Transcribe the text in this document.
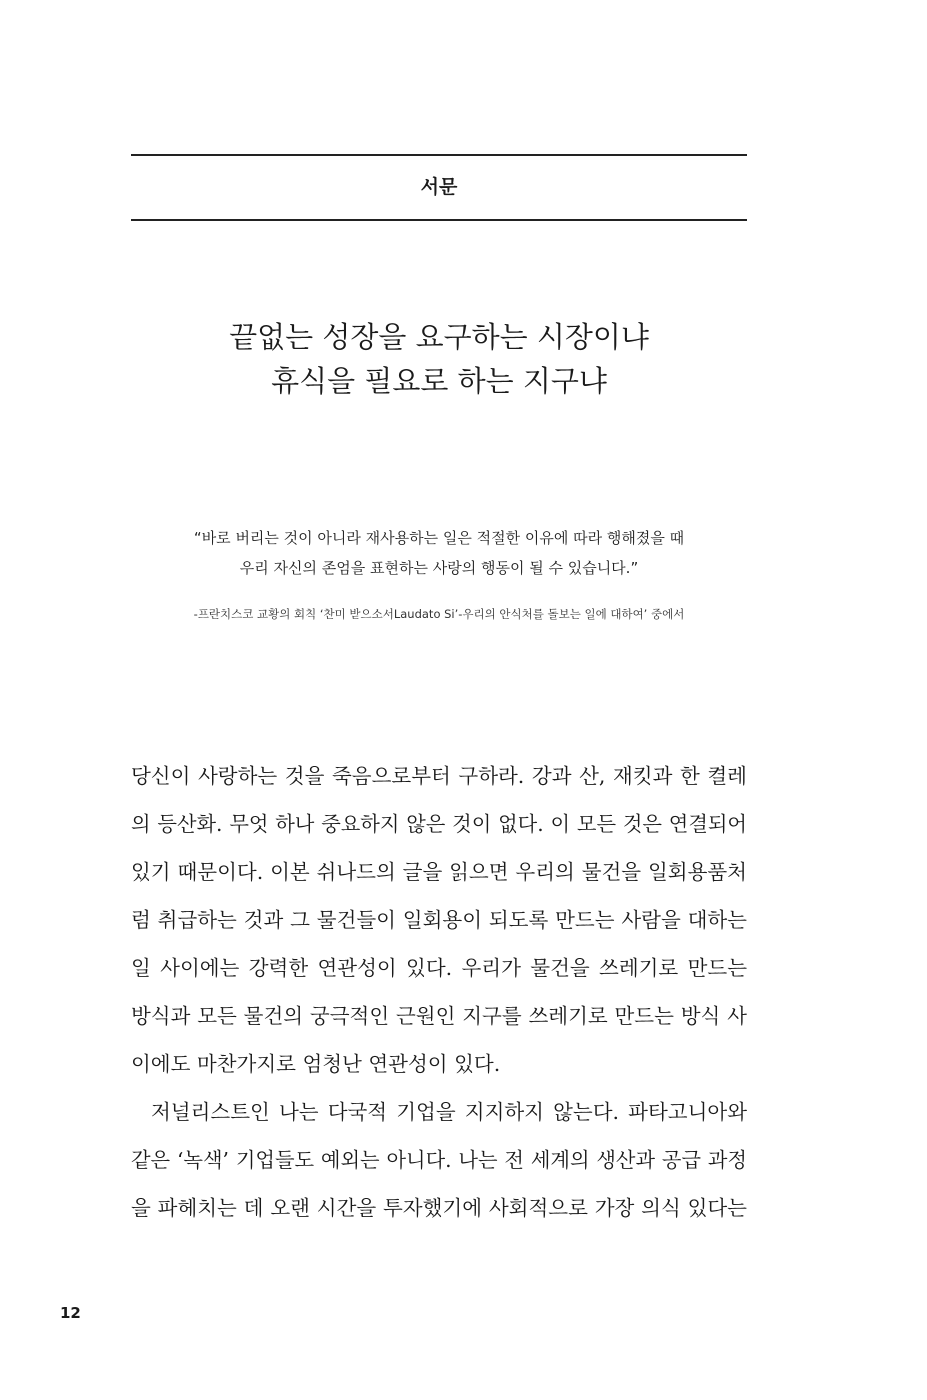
서문
끝없는 성장을 요구하는 시장이냐
휴식을 필요로 하는 지구냐
“바로 버리는 것이 아니라 재사용하는 일은 적절한 이유에 따라 행해졌을 때
우리 자신의 존엄을 표현하는 사랑의 행동이 될 수 있습니다.”
-프란치스코 교황의 회칙 ‘찬미 받으소서Laudato Si’-우리의 안식처를 돌보는 일에 대하여’ 중에서
당신이 사랑하는 것을 죽음으로부터 구하라. 강과 산, 재킷과 한 켤레
의 등산화. 무엇 하나 중요하지 않은 것이 없다. 이 모든 것은 연결되어
있기 때문이다. 이본 쉬나드의 글을 읽으면 우리의 물건을 일회용품처
럼 취급하는 것과 그 물건들이 일회용이 되도록 만드는 사람을 대하는
일 사이에는 강력한 연관성이 있다. 우리가 물건을 쓰레기로 만드는
방식과 모든 물건의 궁극적인 근원인 지구를 쓰레기로 만드는 방식 사
이에도 마찬가지로 엄청난 연관성이 있다.
저널리스트인 나는 다국적 기업을 지지하지 않는다. 파타고니아와
같은 ‘녹색’ 기업들도 예외는 아니다. 나는 전 세계의 생산과 공급 과정
을 파헤치는 데 오랜 시간을 투자했기에 사회적으로 가장 의식 있다는
12
